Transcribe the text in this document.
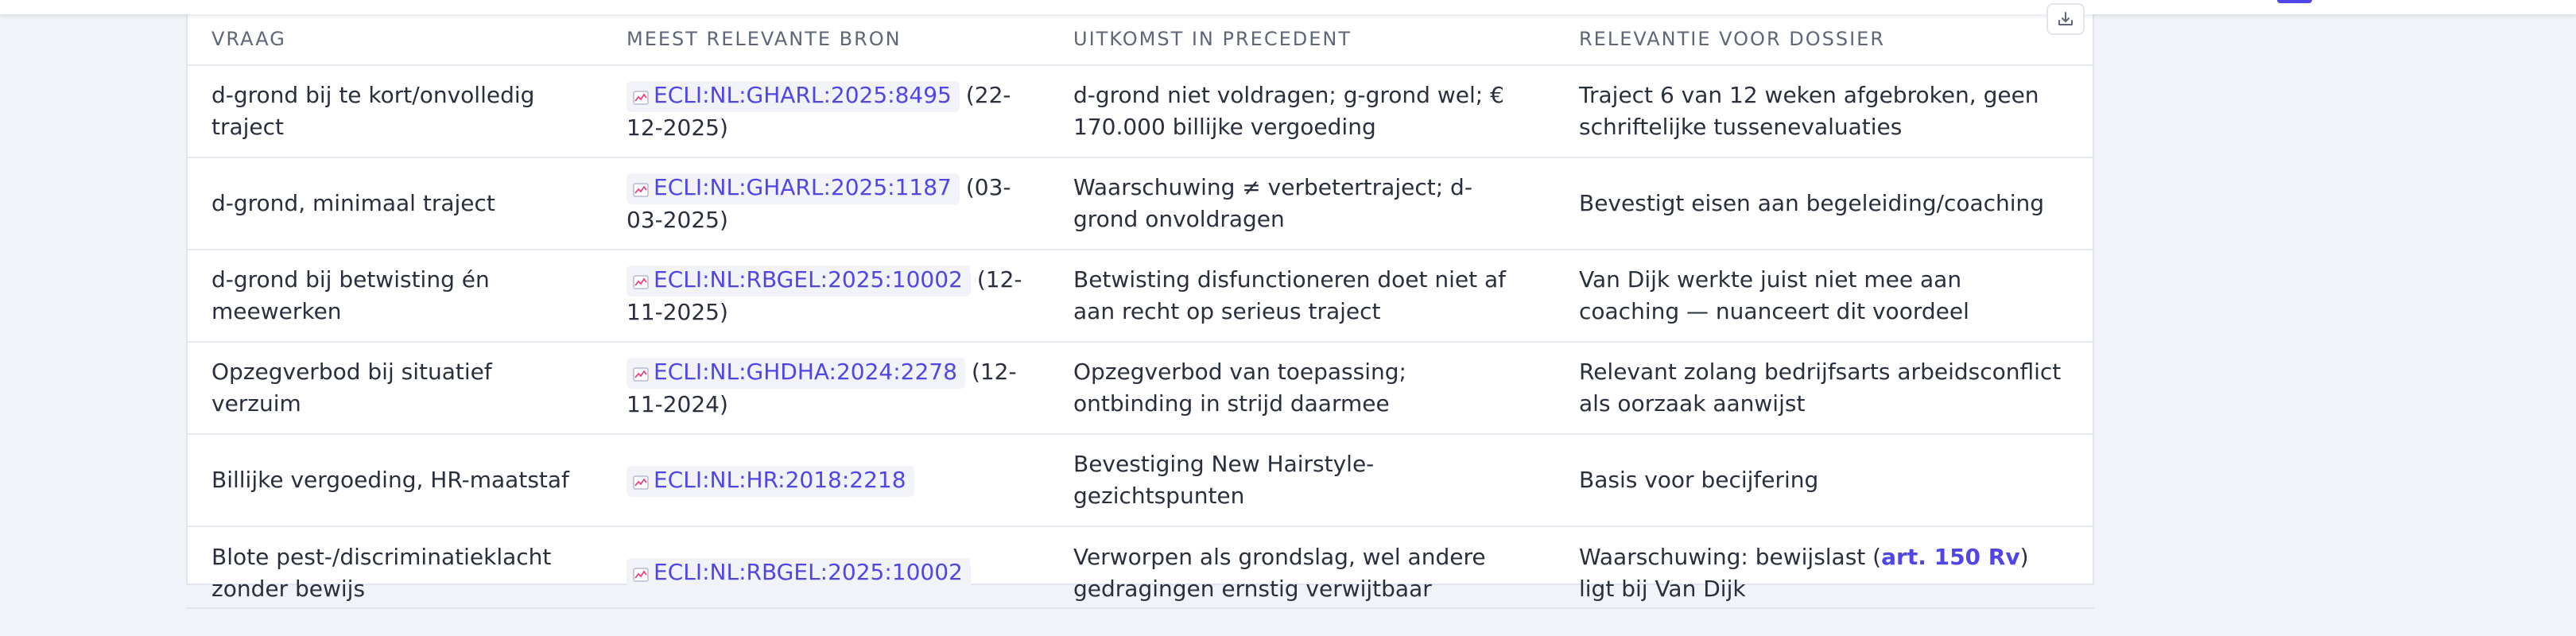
VRAAG	MEEST RELEVANTE BRON	UITKOMST IN PRECEDENT	RELEVANTIE VOOR DOSSIER
d-grond bij te kort/onvolledig traject	ECLI:NL:GHARL:2025:8495 (22-12-2025)	d-grond niet voldragen; g-grond wel; € 170.000 billijke vergoeding	Traject 6 van 12 weken afgebroken, geen schriftelijke tussenevaluaties
d-grond, minimaal traject	ECLI:NL:GHARL:2025:1187 (03-03-2025)	Waarschuwing ≠ verbetertraject; d-grond onvoldragen	Bevestigt eisen aan begeleiding/coaching
d-grond bij betwisting én meewerken	ECLI:NL:RBGEL:2025:10002 (12-11-2025)	Betwisting disfunctioneren doet niet af aan recht op serieus traject	Van Dijk werkte juist niet mee aan coaching — nuanceert dit voordeel
Opzegverbod bij situatief verzuim	ECLI:NL:GHDHA:2024:2278 (12-11-2024)	Opzegverbod van toepassing; ontbinding in strijd daarmee	Relevant zolang bedrijfsarts arbeidsconflict als oorzaak aanwijst
Billijke vergoeding, HR-maatstaf	ECLI:NL:HR:2018:2218	Bevestiging New Hairstyle-gezichtspunten	Basis voor becijfering
Blote pest-/discriminatieklacht zonder bewijs	ECLI:NL:RBGEL:2025:10002	Verworpen als grondslag, wel andere gedragingen ernstig verwijtbaar	Waarschuwing: bewijslast (art. 150 Rv) ligt bij Van Dijk
